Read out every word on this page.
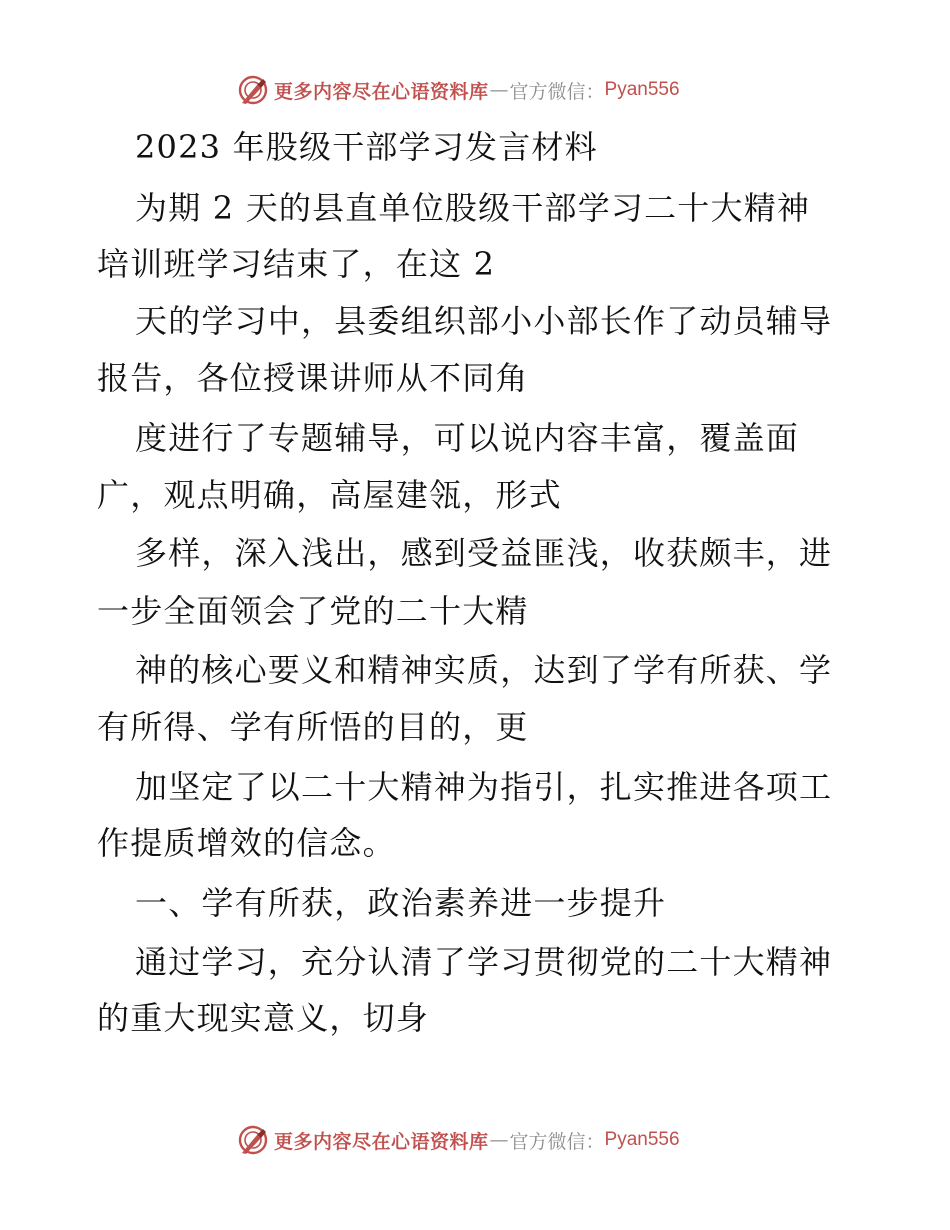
更多内容尽在心语资料库 — 官方微信： Pyan556
2023 年股级干部学习发言材料
为期 2 天的县直单位股级干部学习二十大精神
培训班学习结束了，在这 2
天的学习中，县委组织部小小部长作了动员辅导
报告，各位授课讲师从不同角
度进行了专题辅导，可以说内容丰富，覆盖面
广，观点明确，高屋建瓴，形式
多样，深入浅出，感到受益匪浅，收获颇丰，进
一步全面领会了党的二十大精
神的核心要义和精神实质，达到了学有所获、学
有所得、学有所悟的目的，更
加坚定了以二十大精神为指引，扎实推进各项工
作提质增效的信念。
一、学有所获，政治素养进一步提升
通过学习，充分认清了学习贯彻党的二十大精神
的重大现实意义，切身
更多内容尽在心语资料库 — 官方微信： Pyan556
